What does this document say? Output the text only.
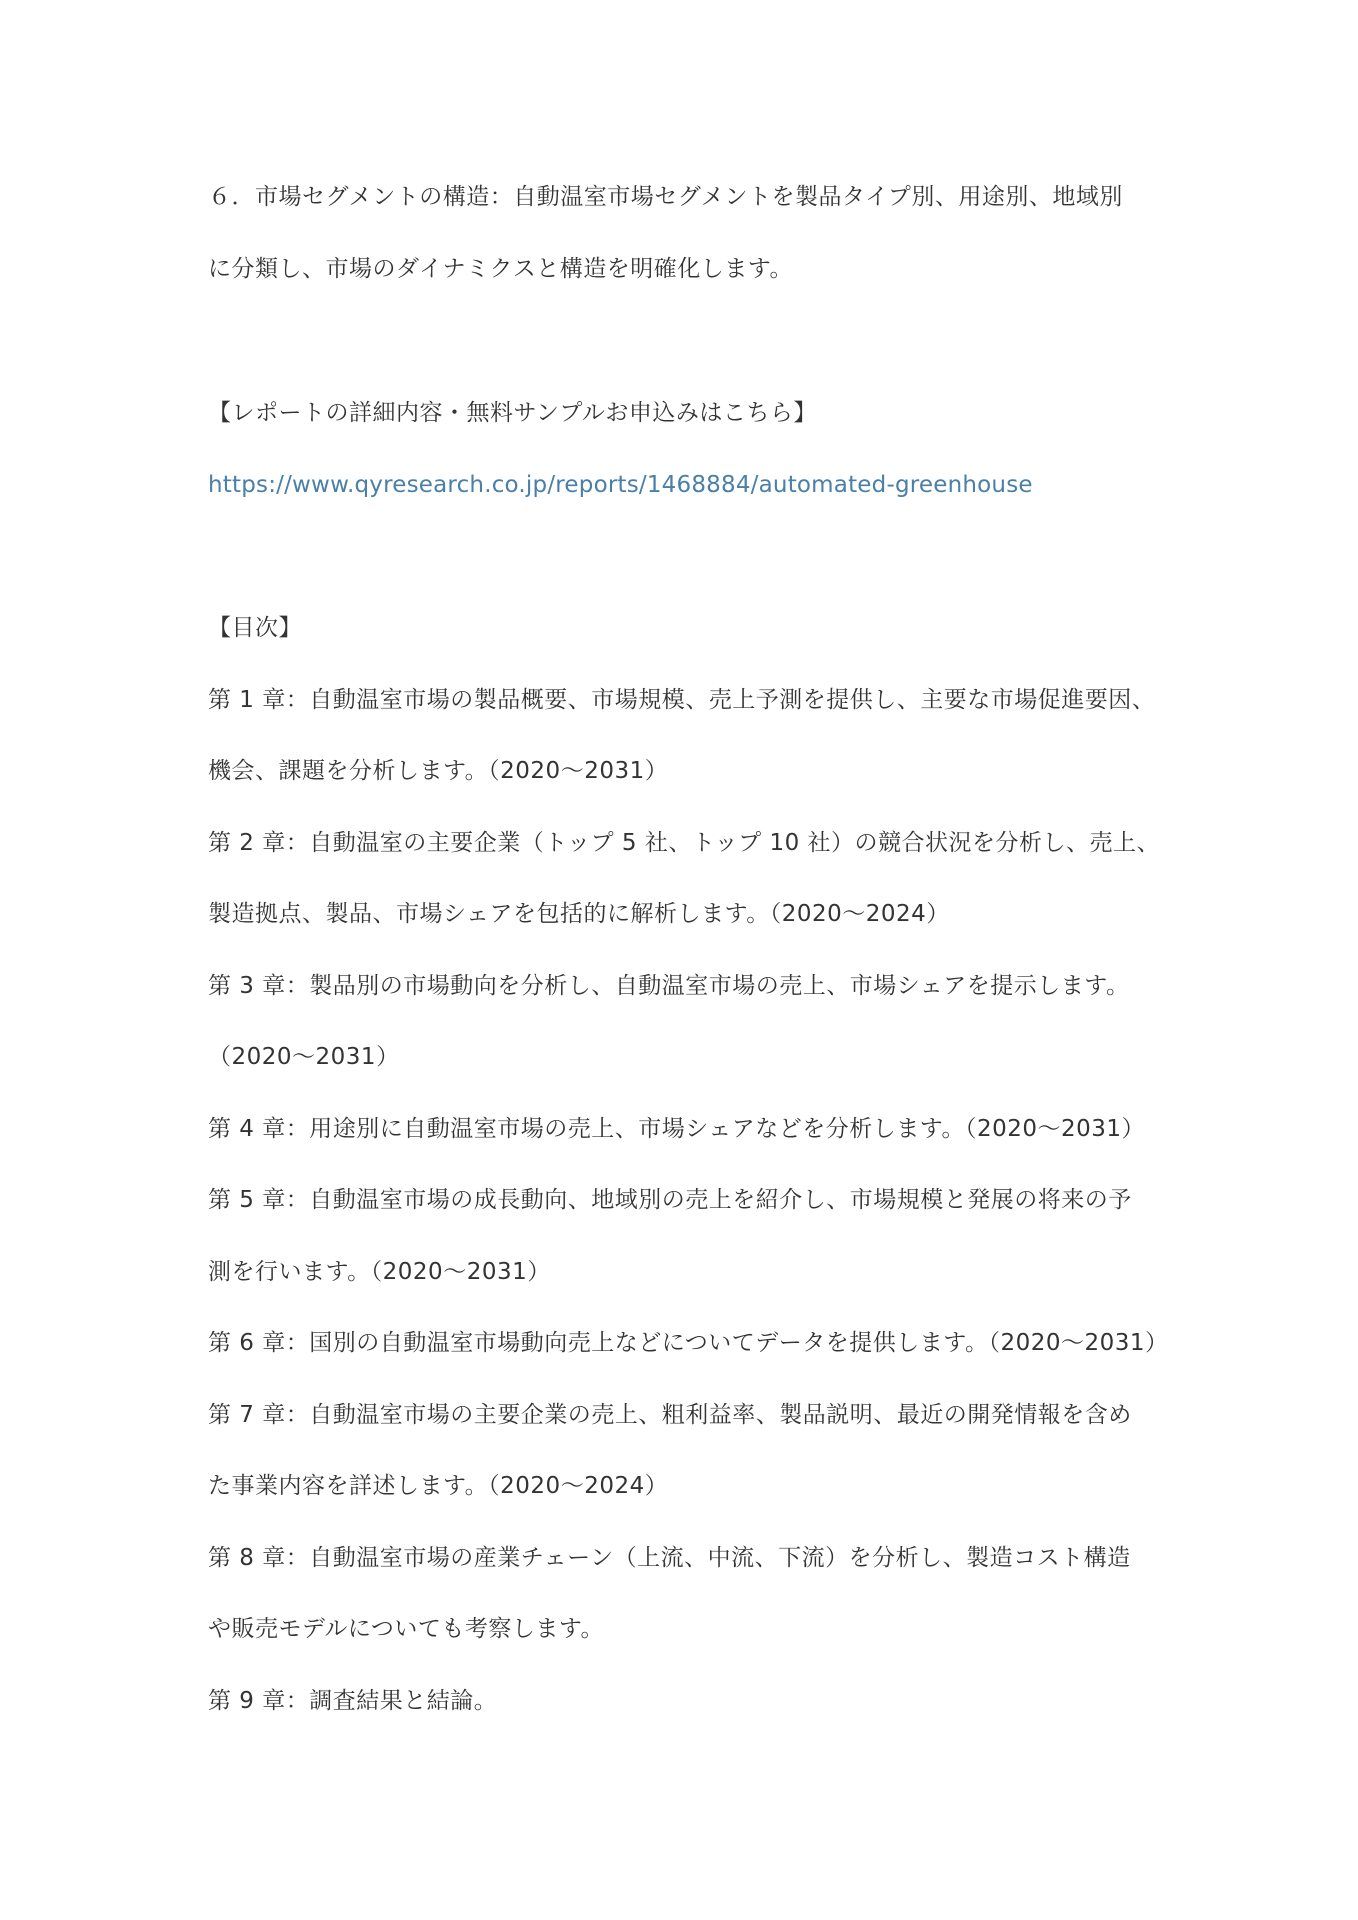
６．市場セグメントの構造：自動温室市場セグメントを製品タイプ別、用途別、地域別
に分類し、市場のダイナミクスと構造を明確化します。
【レポートの詳細内容・無料サンプルお申込みはこちら】
https://www.qyresearch.co.jp/reports/1468884/automated-greenhouse
【目次】
第 1 章：自動温室市場の製品概要、市場規模、売上予測を提供し、主要な市場促進要因、
機会、課題を分析します。（2020～2031）
第 2 章：自動温室の主要企業（トップ 5 社、トップ 10 社）の競合状況を分析し、売上、
製造拠点、製品、市場シェアを包括的に解析します。（2020～2024）
第 3 章：製品別の市場動向を分析し、自動温室市場の売上、市場シェアを提示します。
（2020～2031）
第 4 章：用途別に自動温室市場の売上、市場シェアなどを分析します。（2020～2031）
第 5 章：自動温室市場の成長動向、地域別の売上を紹介し、市場規模と発展の将来の予
測を行います。（2020～2031）
第 6 章：国別の自動温室市場動向売上などについてデータを提供します。（2020～2031）
第 7 章：自動温室市場の主要企業の売上、粗利益率、製品説明、最近の開発情報を含め
た事業内容を詳述します。（2020～2024）
第 8 章：自動温室市場の産業チェーン（上流、中流、下流）を分析し、製造コスト構造
や販売モデルについても考察します。
第 9 章：調査結果と結論。
